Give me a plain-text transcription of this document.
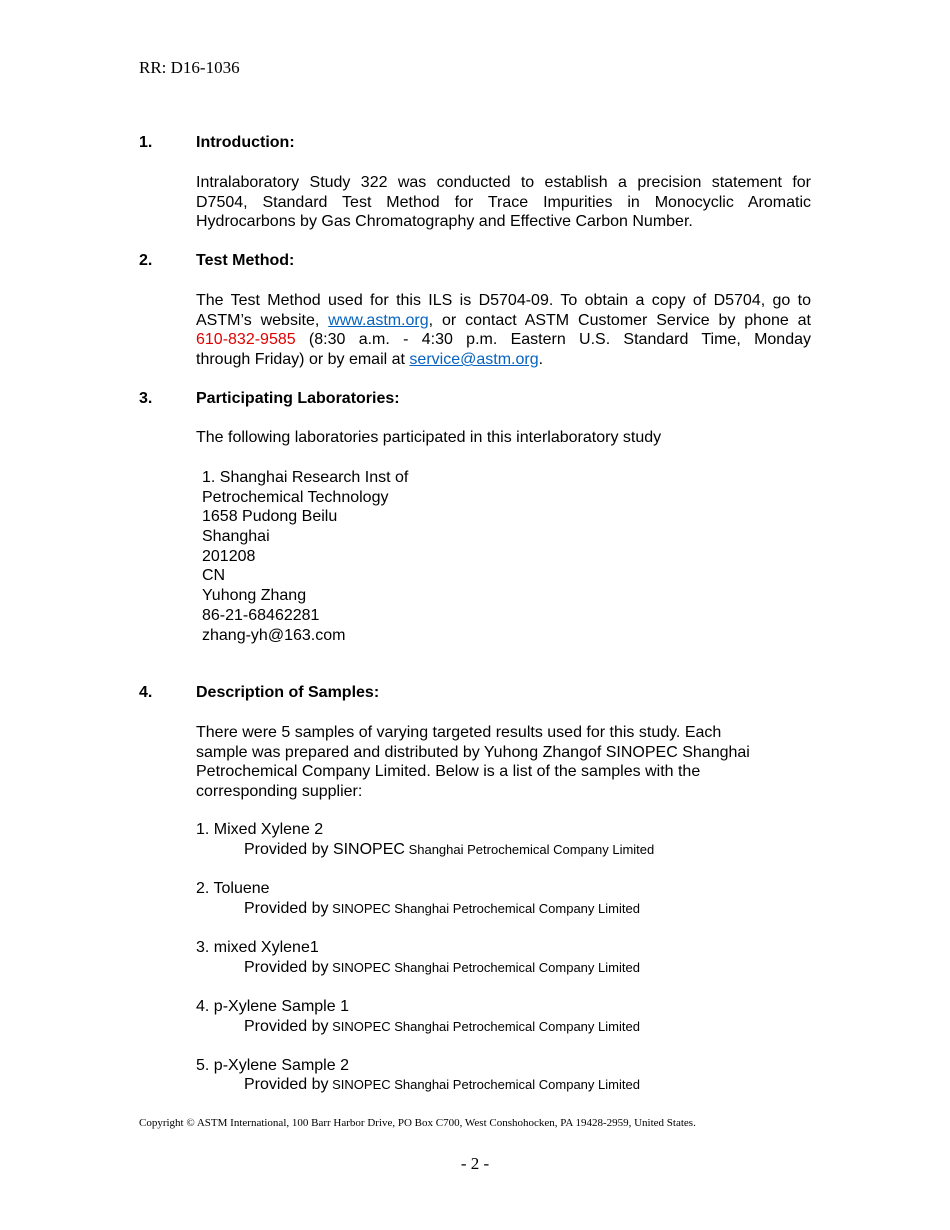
RR: D16-1036
1.	Introduction:
Intralaboratory Study 322 was conducted to establish a precision statement for
D7504, Standard Test Method for Trace Impurities in Monocyclic Aromatic
Hydrocarbons by Gas Chromatography and Effective Carbon Number.
2.	Test Method:
The Test Method used for this ILS is D5704-09. To obtain a copy of D5704, go to
ASTM’s website, www.astm.org, or contact ASTM Customer Service by phone at
610-832-9585 (8:30 a.m. - 4:30 p.m. Eastern U.S. Standard Time, Monday
through Friday) or by email at service@astm.org.
3.	Participating Laboratories:
The following laboratories participated in this interlaboratory study
1. Shanghai Research Inst of
Petrochemical Technology
1658 Pudong Beilu
Shanghai
201208
CN
Yuhong Zhang
86-21-68462281
zhang-yh@163.com
4.	Description of Samples:
There were 5 samples of varying targeted results used for this study. Each
sample was prepared and distributed by Yuhong Zhangof SINOPEC Shanghai
Petrochemical Company Limited. Below is a list of the samples with the
corresponding supplier:
1. Mixed Xylene 2
Provided by SINOPEC Shanghai Petrochemical Company Limited
2. Toluene
Provided by SINOPEC Shanghai Petrochemical Company Limited
3. mixed Xylene1
Provided by SINOPEC Shanghai Petrochemical Company Limited
4. p-Xylene Sample 1
Provided by SINOPEC Shanghai Petrochemical Company Limited
5. p-Xylene Sample 2
Provided by SINOPEC Shanghai Petrochemical Company Limited
Copyright © ASTM International, 100 Barr Harbor Drive, PO Box C700, West Conshohocken, PA 19428-2959, United States.
- 2 -
